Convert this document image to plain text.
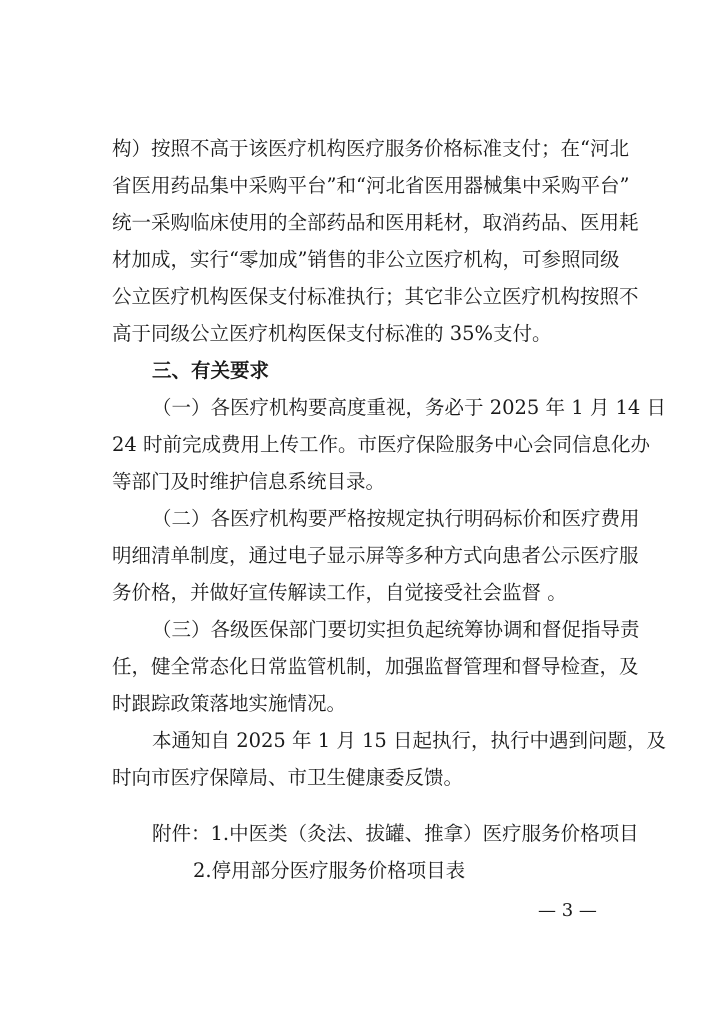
构）按照不高于该医疗机构医疗服务价格标准支付；在“河北
省医用药品集中采购平台”和“河北省医用器械集中采购平台”
统一采购临床使用的全部药品和医用耗材，取消药品、医用耗
材加成，实行“零加成”销售的非公立医疗机构，可参照同级
公立医疗机构医保支付标准执行；其它非公立医疗机构按照不
高于同级公立医疗机构医保支付标准的 35%支付。
三、有关要求
（一）各医疗机构要高度重视，务必于 2025 年 1 月 14 日
24 时前完成费用上传工作。市医疗保险服务中心会同信息化办
等部门及时维护信息系统目录。
（二）各医疗机构要严格按规定执行明码标价和医疗费用
明细清单制度，通过电子显示屏等多种方式向患者公示医疗服
务价格，并做好宣传解读工作，自觉接受社会监督 。
（三）各级医保部门要切实担负起统筹协调和督促指导责
任，健全常态化日常监管机制，加强监督管理和督导检查，及
时跟踪政策落地实施情况。
本通知自 2025 年 1 月 15 日起执行，执行中遇到问题，及
时向市医疗保障局、市卫生健康委反馈。
附件：1.中医类（灸法、拔罐、推拿）医疗服务价格项目
2.停用部分医疗服务价格项目表
— 3 —
